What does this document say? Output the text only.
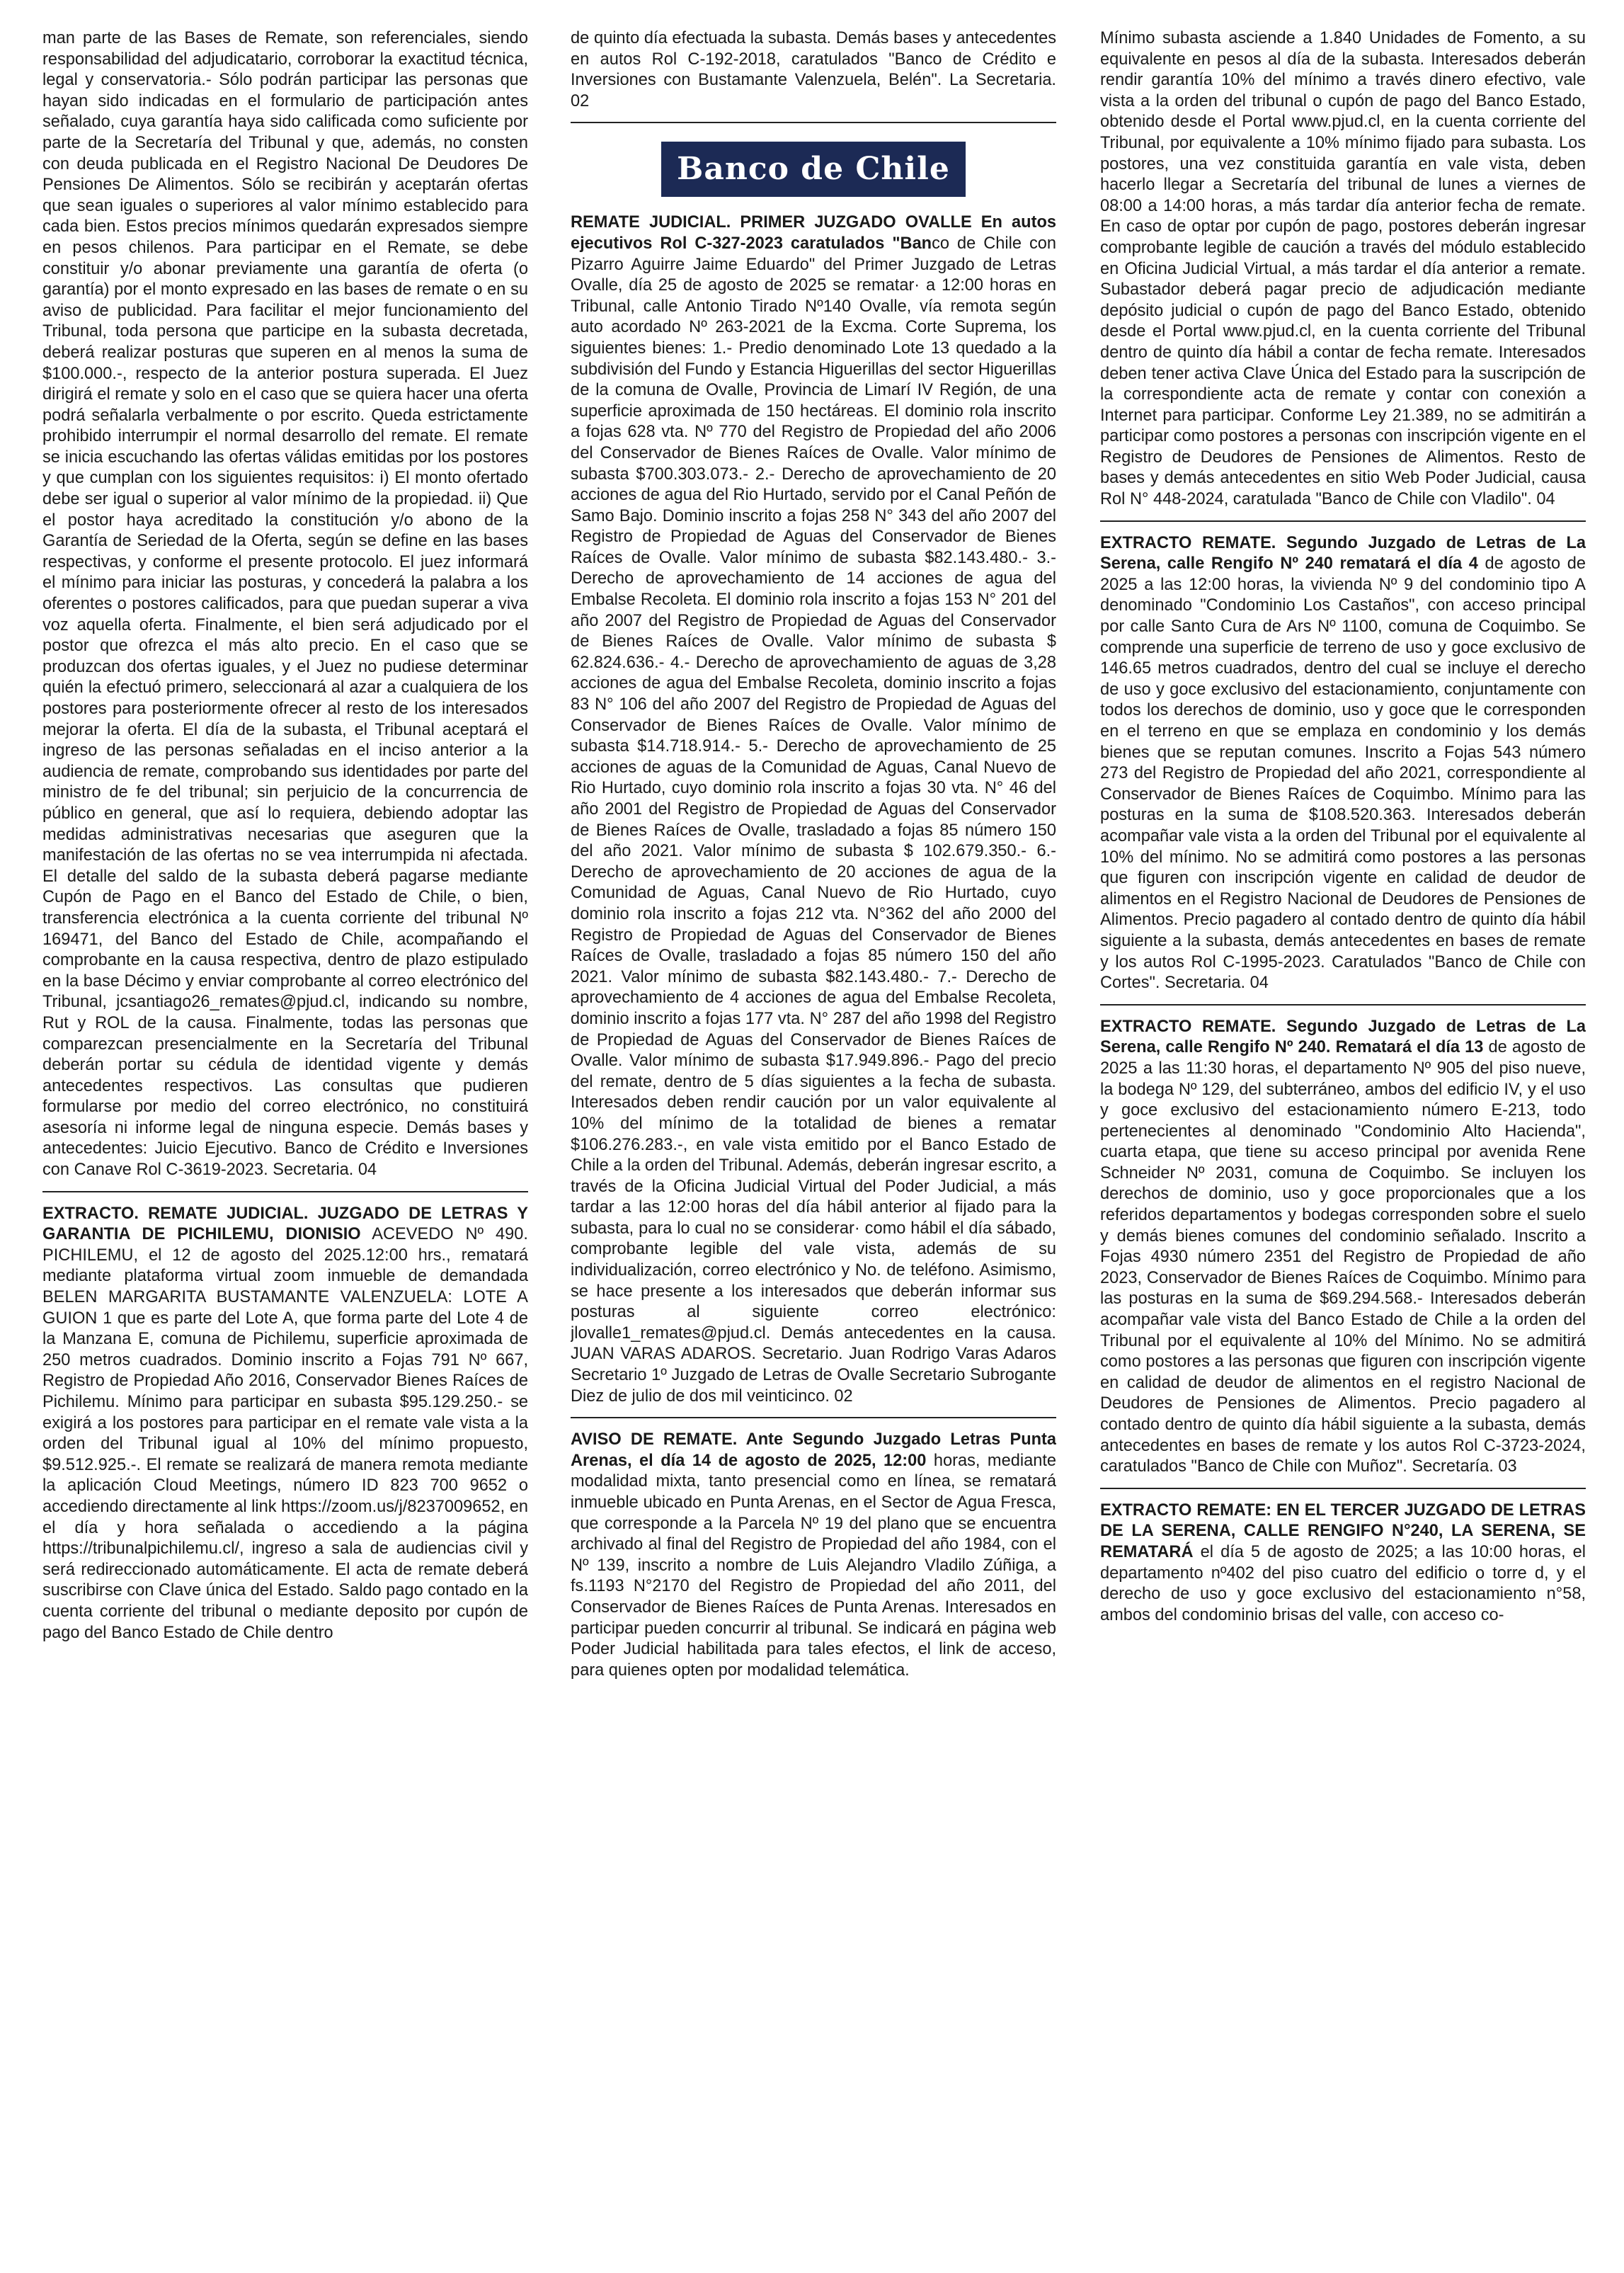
man parte de las Bases de Remate, son referenciales, siendo responsabilidad del adjudicatario, corroborar la exactitud técnica, legal y conservatoria.- Sólo podrán participar las personas que hayan sido indicadas en el formulario de participación antes señalado, cuya garantía haya sido calificada como suficiente por parte de la Secretaría del Tribunal y que, además, no consten con deuda publicada en el Registro Nacional De Deudores De Pensiones De Alimentos. Sólo se recibirán y aceptarán ofertas que sean iguales o superiores al valor mínimo establecido para cada bien. Estos precios mínimos quedarán expresados siempre en pesos chilenos. Para participar en el Remate, se debe constituir y/o abonar previamente una garantía de oferta (o garantía) por el monto expresado en las bases de remate o en su aviso de publicidad. Para facilitar el mejor funcionamiento del Tribunal, toda persona que participe en la subasta decretada, deberá realizar posturas que superen en al menos la suma de $100.000.-, respecto de la anterior postura superada. El Juez dirigirá el remate y solo en el caso que se quiera hacer una oferta podrá señalarla verbalmente o por escrito. Queda estrictamente prohibido interrumpir el normal desarrollo del remate. El remate se inicia escuchando las ofertas válidas emitidas por los postores y que cumplan con los siguientes requisitos: i) El monto ofertado debe ser igual o superior al valor mínimo de la propiedad. ii) Que el postor haya acreditado la constitución y/o abono de la Garantía de Seriedad de la Oferta, según se define en las bases respectivas, y conforme el presente protocolo. El juez informará el mínimo para iniciar las posturas, y concederá la palabra a los oferentes o postores calificados, para que puedan superar a viva voz aquella oferta. Finalmente, el bien será adjudicado por el postor que ofrezca el más alto precio. En el caso que se produzcan dos ofertas iguales, y el Juez no pudiese determinar quién la efectuó primero, seleccionará al azar a cualquiera de los postores para posteriormente ofrecer al resto de los interesados mejorar la oferta. El día de la subasta, el Tribunal aceptará el ingreso de las personas señaladas en el inciso anterior a la audiencia de remate, comprobando sus identidades por parte del ministro de fe del tribunal; sin perjuicio de la concurrencia de público en general, que así lo requiera, debiendo adoptar las medidas administrativas necesarias que aseguren que la manifestación de las ofertas no se vea interrumpida ni afectada. El detalle del saldo de la subasta deberá pagarse mediante Cupón de Pago en el Banco del Estado de Chile, o bien, transferencia electrónica a la cuenta corriente del tribunal Nº 169471, del Banco del Estado de Chile, acompañando el comprobante en la causa respectiva, dentro de plazo estipulado en la base Décimo y enviar comprobante al correo electrónico del Tribunal, jcsantiago26_remates@pjud.cl, indicando su nombre, Rut y ROL de la causa. Finalmente, todas las personas que comparezcan presencialmente en la Secretaría del Tribunal deberán portar su cédula de identidad vigente y demás antecedentes respectivos. Las consultas que pudieren formularse por medio del correo electrónico, no constituirá asesoría ni informe legal de ninguna especie. Demás bases y antecedentes: Juicio Ejecutivo. Banco de Crédito e Inversiones con Canave Rol C-3619-2023. Secretaria. 04

EXTRACTO. REMATE JUDICIAL. JUZGADO DE LETRAS Y GARANTIA DE PICHILEMU, DIONISIO ACEVEDO Nº 490. PICHILEMU, el 12 de agosto del 2025.12:00 hrs., rematará mediante plataforma virtual zoom inmueble de demandada BELEN MARGARITA BUSTAMANTE VALENZUELA: LOTE A GUION 1 que es parte del Lote A, que forma parte del Lote 4 de la Manzana E, comuna de Pichilemu, superficie aproximada de 250 metros cuadrados. Dominio inscrito a Fojas 791 Nº 667, Registro de Propiedad Año 2016, Conservador Bienes Raíces de Pichilemu. Mínimo para participar en subasta $95.129.250.- se exigirá a los postores para participar en el remate vale vista a la orden del Tribunal igual al 10% del mínimo propuesto, $9.512.925.-. El remate se realizará de manera remota mediante la aplicación Cloud Meetings, número ID 823 700 9652 o accediendo directamente al link https://zoom.us/j/8237009652, en el día y hora señalada o accediendo a la página https://tribunalpichilemu.cl/, ingreso a sala de audiencias civil y será redireccionado automáticamente. El acta de remate deberá suscribirse con Clave única del Estado. Saldo pago contado en la cuenta corriente del tribunal o mediante deposito por cupón de pago del Banco Estado de Chile dentro

de quinto día efectuada la subasta. Demás bases y antecedentes en autos Rol C-192-2018, caratulados "Banco de Crédito e Inversiones con Bustamante Valenzuela, Belén". La Secretaria. 02

Banco de Chile

REMATE JUDICIAL. PRIMER JUZGADO OVALLE En autos ejecutivos Rol C-327-2023 caratulados "Banco de Chile con Pizarro Aguirre Jaime Eduardo" del Primer Juzgado de Letras Ovalle, día 25 de agosto de 2025 se rematar· a 12:00 horas en Tribunal, calle Antonio Tirado Nº140 Ovalle, vía remota según auto acordado Nº 263-2021 de la Excma. Corte Suprema, los siguientes bienes: 1.- Predio denominado Lote 13 quedado a la subdivisión del Fundo y Estancia Higuerillas del sector Higuerillas de la comuna de Ovalle, Provincia de Limarí IV Región, de una superficie aproximada de 150 hectáreas. El dominio rola inscrito a fojas 628 vta. Nº 770 del Registro de Propiedad del año 2006 del Conservador de Bienes Raíces de Ovalle. Valor mínimo de subasta $700.303.073.- 2.- Derecho de aprovechamiento de 20 acciones de agua del Rio Hurtado, servido por el Canal Peñón de Samo Bajo. Dominio inscrito a fojas 258 N° 343 del año 2007 del Registro de Propiedad de Aguas del Conservador de Bienes Raíces de Ovalle. Valor mínimo de subasta $82.143.480.- 3.- Derecho de aprovechamiento de 14 acciones de agua del Embalse Recoleta. El dominio rola inscrito a fojas 153 N° 201 del año 2007 del Registro de Propiedad de Aguas del Conservador de Bienes Raíces de Ovalle. Valor mínimo de subasta $ 62.824.636.- 4.- Derecho de aprovechamiento de aguas de 3,28 acciones de agua del Embalse Recoleta, dominio inscrito a fojas 83 N° 106 del año 2007 del Registro de Propiedad de Aguas del Conservador de Bienes Raíces de Ovalle. Valor mínimo de subasta $14.718.914.- 5.- Derecho de aprovechamiento de 25 acciones de aguas de la Comunidad de Aguas, Canal Nuevo de Rio Hurtado, cuyo dominio rola inscrito a fojas 30 vta. N° 46 del año 2001 del Registro de Propiedad de Aguas del Conservador de Bienes Raíces de Ovalle, trasladado a fojas 85 número 150 del año 2021. Valor mínimo de subasta $ 102.679.350.- 6.- Derecho de aprovechamiento de 20 acciones de agua de la Comunidad de Aguas, Canal Nuevo de Rio Hurtado, cuyo dominio rola inscrito a fojas 212 vta. N°362 del año 2000 del Registro de Propiedad de Aguas del Conservador de Bienes Raíces de Ovalle, trasladado a fojas 85 número 150 del año 2021. Valor mínimo de subasta $82.143.480.- 7.- Derecho de aprovechamiento de 4 acciones de agua del Embalse Recoleta, dominio inscrito a fojas 177 vta. N° 287 del año 1998 del Registro de Propiedad de Aguas del Conservador de Bienes Raíces de Ovalle. Valor mínimo de subasta $17.949.896.- Pago del precio del remate, dentro de 5 días siguientes a la fecha de subasta. Interesados deben rendir caución por un valor equivalente al 10% del mínimo de la totalidad de bienes a rematar $106.276.283.-, en vale vista emitido por el Banco Estado de Chile a la orden del Tribunal. Además, deberán ingresar escrito, a través de la Oficina Judicial Virtual del Poder Judicial, a más tardar a las 12:00 horas del día hábil anterior al fijado para la subasta, para lo cual no se considerar· como hábil el día sábado, comprobante legible del vale vista, además de su individualización, correo electrónico y No. de teléfono. Asimismo, se hace presente a los interesados que deberán informar sus posturas al siguiente correo electrónico: jlovalle1_remates@pjud.cl. Demás antecedentes en la causa. JUAN VARAS ADAROS. Secretario. Juan Rodrigo Varas Adaros Secretario 1º Juzgado de Letras de Ovalle Secretario Subrogante Diez de julio de dos mil veinticinco. 02

AVISO DE REMATE. Ante Segundo Juzgado Letras Punta Arenas, el día 14 de agosto de 2025, 12:00 horas, mediante modalidad mixta, tanto presencial como en línea, se rematará inmueble ubicado en Punta Arenas, en el Sector de Agua Fresca, que corresponde a la Parcela Nº 19 del plano que se encuentra archivado al final del Registro de Propiedad del año 1984, con el Nº 139, inscrito a nombre de Luis Alejandro Vladilo Zúñiga, a fs.1193 N°2170 del Registro de Propiedad del año 2011, del Conservador de Bienes Raíces de Punta Arenas. Interesados en participar pueden concurrir al tribunal. Se indicará en página web Poder Judicial habilitada para tales efectos, el link de acceso, para quienes opten por modalidad telemática.

Mínimo subasta asciende a 1.840 Unidades de Fomento, a su equivalente en pesos al día de la subasta. Interesados deberán rendir garantía 10% del mínimo a través dinero efectivo, vale vista a la orden del tribunal o cupón de pago del Banco Estado, obtenido desde el Portal www.pjud.cl, en la cuenta corriente del Tribunal, por equivalente a 10% mínimo fijado para subasta. Los postores, una vez constituida garantía en vale vista, deben hacerlo llegar a Secretaría del tribunal de lunes a viernes de 08:00 a 14:00 horas, a más tardar día anterior fecha de remate. En caso de optar por cupón de pago, postores deberán ingresar comprobante legible de caución a través del módulo establecido en Oficina Judicial Virtual, a más tardar el día anterior a remate. Subastador deberá pagar precio de adjudicación mediante depósito judicial o cupón de pago del Banco Estado, obtenido desde el Portal www.pjud.cl, en la cuenta corriente del Tribunal dentro de quinto día hábil a contar de fecha remate. Interesados deben tener activa Clave Única del Estado para la suscripción de la correspondiente acta de remate y contar con conexión a Internet para participar. Conforme Ley 21.389, no se admitirán a participar como postores a personas con inscripción vigente en el Registro de Deudores de Pensiones de Alimentos. Resto de bases y demás antecedentes en sitio Web Poder Judicial, causa Rol N° 448-2024, caratulada "Banco de Chile con Vladilo". 04

EXTRACTO REMATE. Segundo Juzgado de Letras de La Serena, calle Rengifo Nº 240 rematará el día 4 de agosto de 2025 a las 12:00 horas, la vivienda Nº 9 del condominio tipo A denominado "Condominio Los Castaños", con acceso principal por calle Santo Cura de Ars Nº 1100, comuna de Coquimbo. Se comprende una superficie de terreno de uso y goce exclusivo de 146.65 metros cuadrados, dentro del cual se incluye el derecho de uso y goce exclusivo del estacionamiento, conjuntamente con todos los derechos de dominio, uso y goce que le corresponden en el terreno en que se emplaza en condominio y los demás bienes que se reputan comunes. Inscrito a Fojas 543 número 273 del Registro de Propiedad del año 2021, correspondiente al Conservador de Bienes Raíces de Coquimbo. Mínimo para las posturas en la suma de $108.520.363. Interesados deberán acompañar vale vista a la orden del Tribunal por el equivalente al 10% del mínimo. No se admitirá como postores a las personas que figuren con inscripción vigente en calidad de deudor de alimentos en el Registro Nacional de Deudores de Pensiones de Alimentos. Precio pagadero al contado dentro de quinto día hábil siguiente a la subasta, demás antecedentes en bases de remate y los autos Rol C-1995-2023. Caratulados "Banco de Chile con Cortes". Secretaria. 04

EXTRACTO REMATE. Segundo Juzgado de Letras de La Serena, calle Rengifo Nº 240. Rematará el día 13 de agosto de 2025 a las 11:30 horas, el departamento Nº 905 del piso nueve, la bodega Nº 129, del subterráneo, ambos del edificio IV, y el uso y goce exclusivo del estacionamiento número E-213, todo pertenecientes al denominado "Condominio Alto Hacienda", cuarta etapa, que tiene su acceso principal por avenida Rene Schneider Nº 2031, comuna de Coquimbo. Se incluyen los derechos de dominio, uso y goce proporcionales que a los referidos departamentos y bodegas corresponden sobre el suelo y demás bienes comunes del condominio señalado. Inscrito a Fojas 4930 número 2351 del Registro de Propiedad de año 2023, Conservador de Bienes Raíces de Coquimbo. Mínimo para las posturas en la suma de $69.294.568.- Interesados deberán acompañar vale vista del Banco Estado de Chile a la orden del Tribunal por el equivalente al 10% del Mínimo. No se admitirá como postores a las personas que figuren con inscripción vigente en calidad de deudor de alimentos en el registro Nacional de Deudores de Pensiones de Alimentos. Precio pagadero al contado dentro de quinto día hábil siguiente a la subasta, demás antecedentes en bases de remate y los autos Rol C-3723-2024, caratulados "Banco de Chile con Muñoz". Secretaría. 03

EXTRACTO REMATE: EN EL TERCER JUZGADO DE LETRAS DE LA SERENA, CALLE RENGIFO N°240, LA SERENA, SE REMATARÁ el día 5 de agosto de 2025; a las 10:00 horas, el departamento nº402 del piso cuatro del edificio o torre d, y el derecho de uso y goce exclusivo del estacionamiento n°58, ambos del condominio brisas del valle, con acceso co-
